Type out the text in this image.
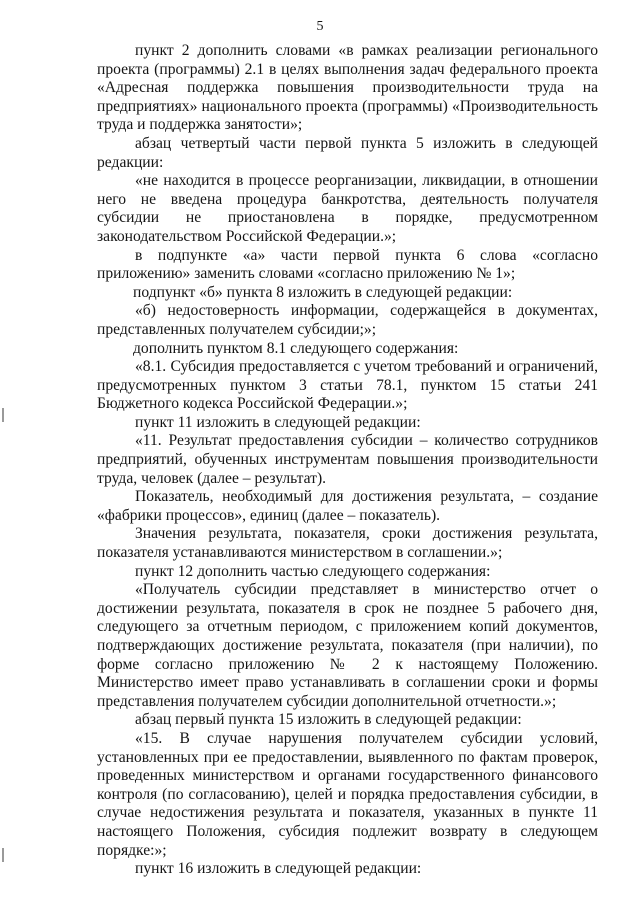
5

пункт 2 дополнить словами «в рамках реализации регионального проекта (программы) 2.1 в целях выполнения задач федерального проекта «Адресная поддержка повышения производительности труда на предприятиях» национального проекта (программы) «Производительность труда и поддержка занятости»;

абзац четвертый части первой пункта 5 изложить в следующей редакции:

«не находится в процессе реорганизации, ликвидации, в отношении него не введена процедура банкротства, деятельность получателя субсидии не приостановлена в порядке, предусмотренном законодательством Российской Федерации.»;

в подпункте «а» части первой пункта 6 слова «согласно приложению» заменить словами «согласно приложению № 1»;

подпункт «б» пункта 8 изложить в следующей редакции:

«б) недостоверность информации, содержащейся в документах, представленных получателем субсидии;»;

дополнить пунктом 8.1 следующего содержания:

«8.1. Субсидия предоставляется с учетом требований и ограничений, предусмотренных пунктом 3 статьи 78.1, пунктом 15 статьи 241 Бюджетного кодекса Российской Федерации.»;

пункт 11 изложить в следующей редакции:

«11. Результат предоставления субсидии – количество сотрудников предприятий, обученных инструментам повышения производительности труда, человек (далее – результат).

Показатель, необходимый для достижения результата, – создание «фабрики процессов», единиц (далее – показатель).

Значения результата, показателя, сроки достижения результата, показателя устанавливаются министерством в соглашении.»;

пункт 12 дополнить частью следующего содержания:

«Получатель субсидии представляет в министерство отчет о достижении результата, показателя в срок не позднее 5 рабочего дня, следующего за отчетным периодом, с приложением копий документов, подтверждающих достижение результата, показателя (при наличии), по форме согласно приложению № 2 к настоящему Положению. Министерство имеет право устанавливать в соглашении сроки и формы представления получателем субсидии дополнительной отчетности.»;

абзац первый пункта 15 изложить в следующей редакции:

«15. В случае нарушения получателем субсидии условий, установленных при ее предоставлении, выявленного по фактам проверок, проведенных министерством и органами государственного финансового контроля (по согласованию), целей и порядка предоставления субсидии, в случае недостижения результата и показателя, указанных в пункте 11 настоящего Положения, субсидия подлежит возврату в следующем порядке:»;

пункт 16 изложить в следующей редакции:
